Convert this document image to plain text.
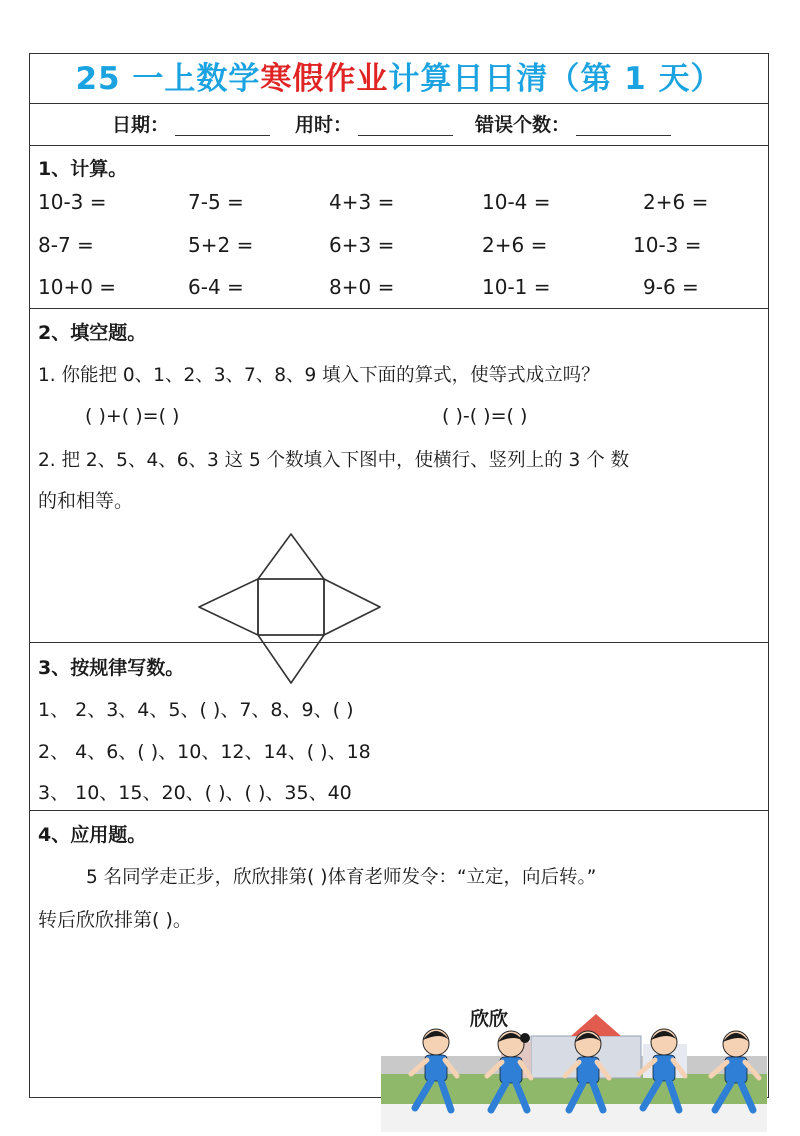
25 一上数学寒假作业计算日日清（第 1 天）
日期：	用时：	错误个数：
1、计算。
10-3 =	7-5 =	4+3 =	10-4 =	2+6 =
8-7 =	5+2 =	6+3 =	2+6 =	10-3 =
10+0 =	6-4 =	8+0 =	10-1 =	9-6 =
2、填空题。
1. 你能把 0、1、2、3、7、8、9 填入下面的算式，使等式成立吗？
( )+( )=( )	( )-( )=( )
2. 把 2、5、4、6、3 这 5 个数填入下图中，使横行、竖列上的 3 个 数
的和相等。
3、按规律写数。
1、 2、3、4、5、( )、7、8、9、( )
2、 4、6、( )、10、12、14、( )、18
3、 10、15、20、( )、( )、35、40
4、应用题。
5 名同学走正步，欣欣排第( )体育老师发令：“立定，向后转。”
转后欣欣排第( )。
欣欣
